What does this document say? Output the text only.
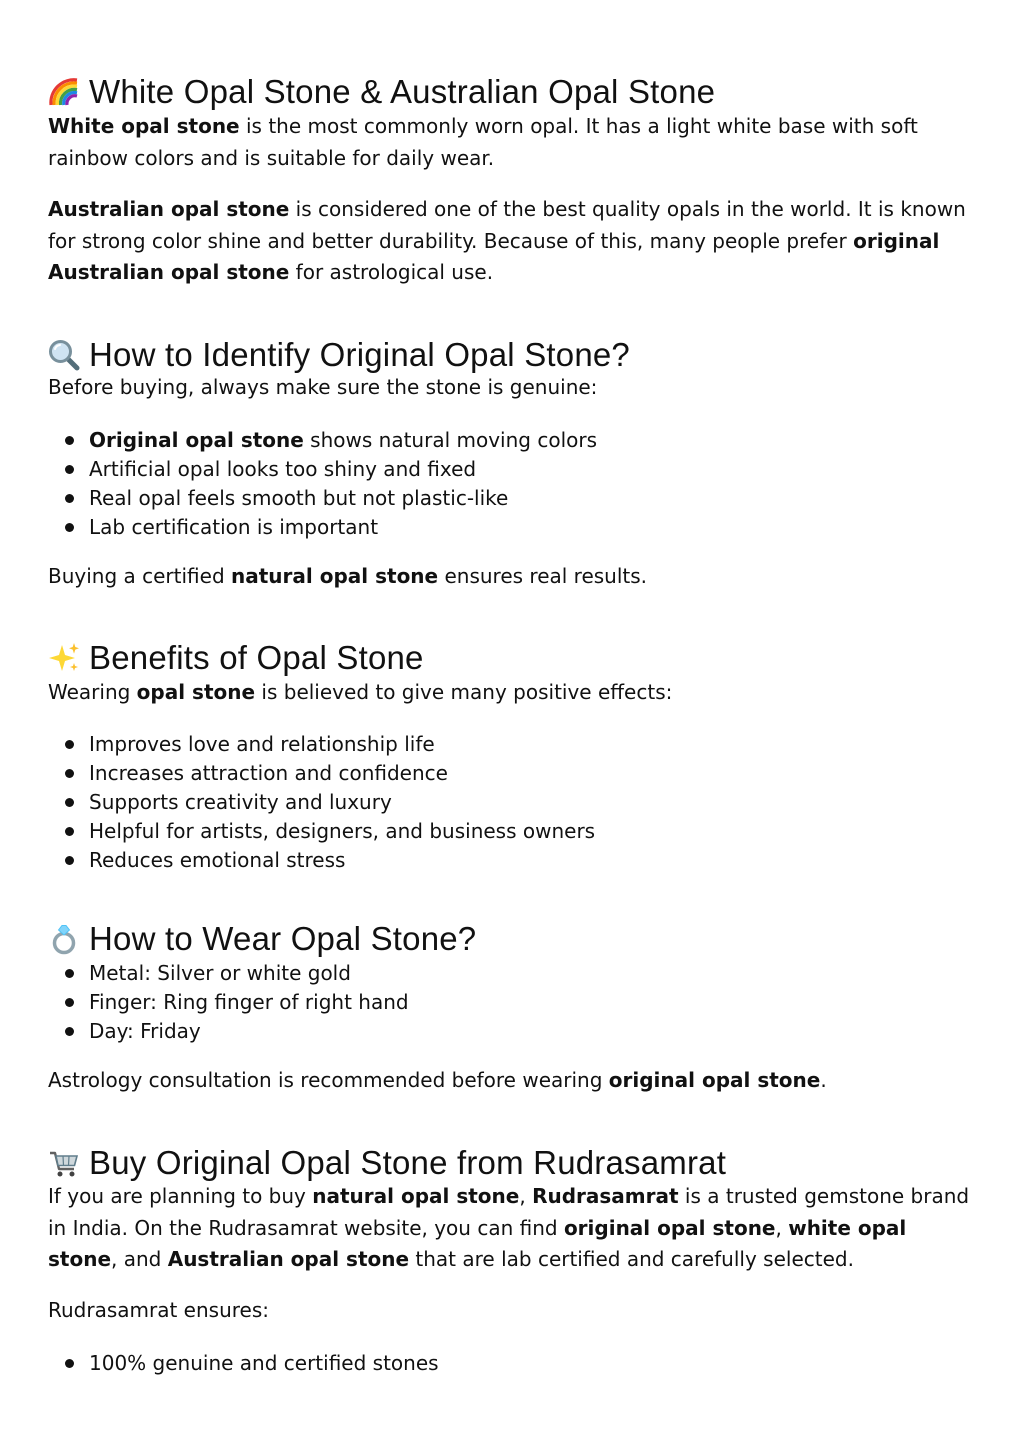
White Opal Stone & Australian Opal Stone

White opal stone is the most commonly worn opal. It has a light white base with soft rainbow colors and is suitable for daily wear.

Australian opal stone is considered one of the best quality opals in the world. It is known for strong color shine and better durability. Because of this, many people prefer original Australian opal stone for astrological use.

How to Identify Original Opal Stone?

Before buying, always make sure the stone is genuine:

Original opal stone shows natural moving colors
Artificial opal looks too shiny and fixed
Real opal feels smooth but not plastic-like
Lab certification is important

Buying a certified natural opal stone ensures real results.

Benefits of Opal Stone

Wearing opal stone is believed to give many positive effects:

Improves love and relationship life
Increases attraction and confidence
Supports creativity and luxury
Helpful for artists, designers, and business owners
Reduces emotional stress
How to Wear Opal Stone?
Metal: Silver or white gold
Finger: Ring finger of right hand
Day: Friday

Astrology consultation is recommended before wearing original opal stone.

Buy Original Opal Stone from Rudrasamrat

If you are planning to buy natural opal stone, Rudrasamrat is a trusted gemstone brand in India. On the Rudrasamrat website, you can find original opal stone, white opal stone, and Australian opal stone that are lab certified and carefully selected.

Rudrasamrat ensures:

100% genuine and certified stones
